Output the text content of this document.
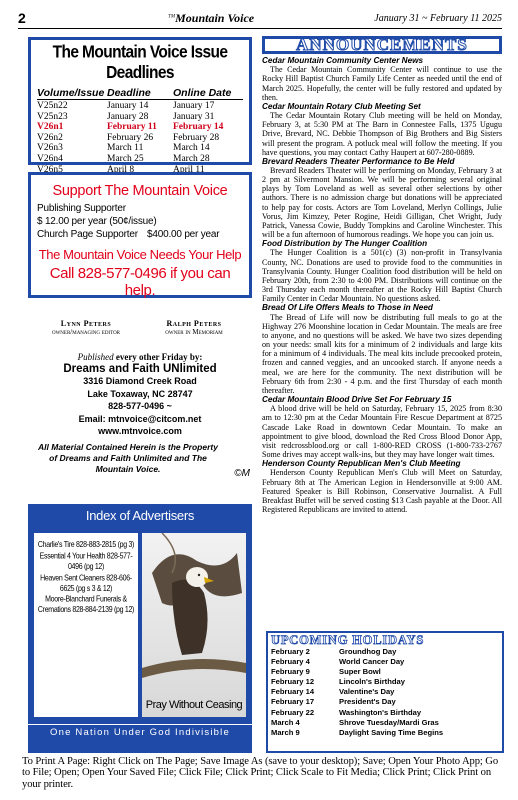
2	™Mountain Voice	January 31 ~ February 11 2025
The Mountain Voice Issue Deadlines
Volume/Issue Deadline	Online Date
V25n22	January 14	January 17
V25n23	January 28	January 31
V26n1	February 11	February 14
V26n2	February 26	February 28
V26n3	March 11	March 14
V26n4	March 25	March 28
V26n5	April 8	April 11
Support The Mountain Voice
Publishing Supporter$ 12.00 per year (50¢/issue)
Church Page Supporter $400.00 per year
The Mountain Voice Needs Your Help
Call 828-577-0496 if you can help.
Lynn Peters
owner/managing editor
Ralph Peters
owner in Memoriam
Published every other Friday by:
Dreams and Faith UNlimited
3316 Diamond Creek Road
Lake Toxaway, NC 28747
828-577-0496 ~
Email: mtnvoice@citcom.net
www.mtnvoice.com
All Material Contained Herein is the Property of Dreams and Faith Unlimited and The Mountain Voice.	©M
Index of Advertisers
Charlie's Tire 828-883-2815 (pg 3)
Essential 4 Your Health 828-577-0496 (pg 12)
Heaven Sent Cleaners 828-606-6625 (pg s 3 & 12)
Moore-Blanchard Funerals & Cremations 828-884-2139 (pg 12)
Pray Without Ceasing
One Nation Under God Indivisible
ANNOUNCEMENTS
Cedar Mountain Community Center News

The Cedar Mountain Community Center will continue to use the Rocky Hill Baptist Church Family Life Center as needed until the end of March 2025. Hopefully, the center will be fully restored and updated by then.

Cedar Mountain Rotary Club Meeting Set

The Cedar Mountain Rotary Club meeting will be held on Monday, February 3, at 5:30 PM at The Barn in Connestee Falls, 1375 Ugugu Drive, Brevard, NC. Debbie Thompson of Big Brothers and Big Sisters will present the program. A potluck meal will follow the meeting. If you have questions, you may contact Cathy Haupert at 607-280-0889.

Brevard Readers Theater Performance to Be Held

Brevard Readers Theater will be performing on Monday, February 3 at 2 pm at Silvermont Mansion. We will be performing several original plays by Tom Loveland as well as several other selections by other authors. There is no admission charge but donations will be appreciated to help pay for costs. Actors are Tom Loveland, Merlyn Collings, Julie Vorus, Jim Kimzey, Peter Rogine, Heidi Gilligan, Chet Wright, Judy Patrick, Vanessa Cowie, Buddy Tompkins and Caroline Winchester. This will be a fun afternoon of humorous readings. We hope you can join us.

Food Distribution by The Hunger Coalition

The Hunger Coalition is a 501(c) (3) non-profit in Transylvania County, NC. Donations are used to provide food to the communities in Transylvania County. Hunger Coalition food distribution will be held on February 20th, from 2:30 to 4:00 PM. Distributions will continue on the 3rd Thursday each month thereafter at the Rocky Hill Baptist Church Family Center in Cedar Mountain. No questions asked.

Bread Of Life Offers Meals to Those in Need

The Bread of Life will now be distributing full meals to go at the Highway 276 Moonshine location in Cedar Mountain. The meals are free to anyone, and no questions will be asked. We have two sizes depending on your needs: small kits for a minimum of 2 individuals and large kits for a minimum of 4 individuals. The meal kits include precooked protein, frozen and canned veggies, and an uncooked starch. If anyone needs a meal, we are here for the community. The next distribution will be February 6th from 2:30 - 4 p.m. and the first Thursday of each month thereafter.

Cedar Mountain Blood Drive Set For February 15

A blood drive will be held on Saturday, February 15, 2025 from 8:30 am to 12:30 pm at the Cedar Mountain Fire Rescue Department at 8725 Cascade Lake Road in downtown Cedar Mountain. To make an appointment to give blood, download the Red Cross Blood Donor App, visit redcrossblood.org or call 1-800-RED CROSS (1-800-733-2767 Some drives may accept walk-ins, but they may have longer wait times.

Henderson County Republican Men's Club Meeting

Henderson County Republican Men's Club will Meet on Saturday, February 8th at The American Legion in Hendersonville at 9:00 AM. Featured Speaker is Bill Robinson, Conservative Journalist. A Full Breakfast Buffet will be served costing $13 Cash payable at the Door. All Registered Republicans are invited to attend.

UPCOMING HOLIDAYS
February 2	Groundhog Day
February 4	World Cancer Day
February 9	Super Bowl
February 12	Lincoln's Birthday
February 14	Valentine's Day
February 17	President's Day
February 22	Washington's Birthday
March 4	Shrove Tuesday/Mardi Gras
March 9	Daylight Saving Time Begins
To Print A Page: Right Click on The Page; Save Image As (save to your desktop); Save; Open Your Photo App; Go to File; Open; Open Your Saved File; Click File; Click Print; Click Scale to Fit Media; Click Print; Click Print on your printer.
